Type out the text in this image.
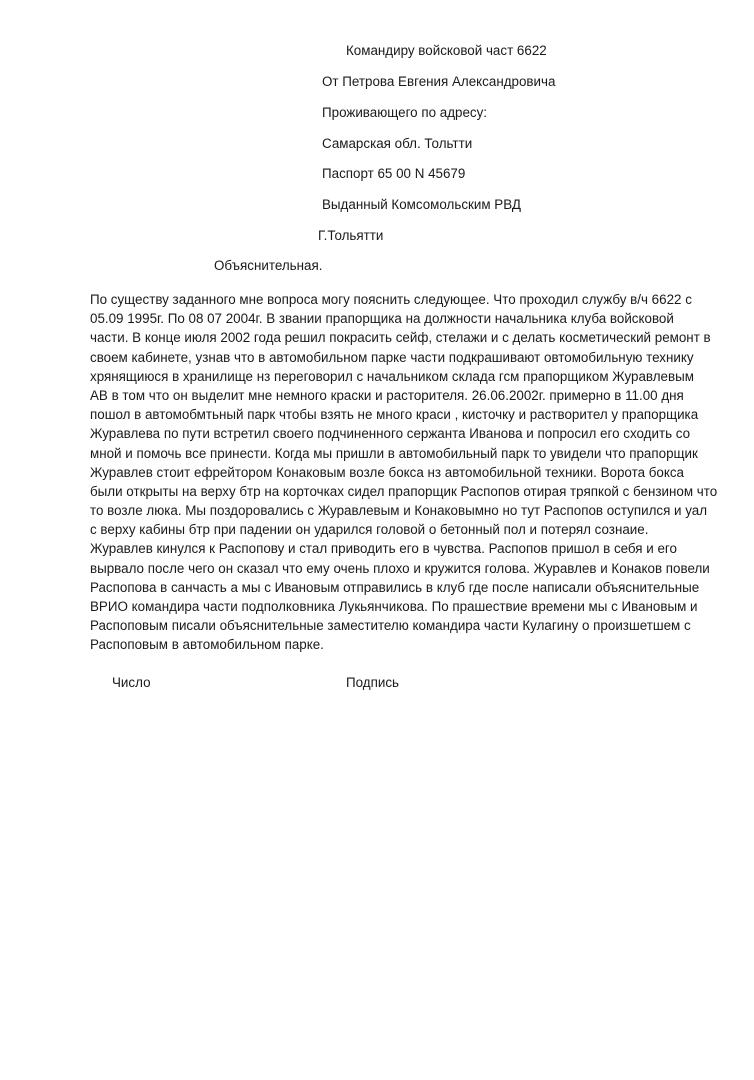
Командиру войсковой част 6622
От Петрова Евгения Александровича
Проживающего по адресу:
Самарская обл. Тольтти
Паспорт 65 00 N 45679
Выданный Комсомольским РВД
Г.Тольятти
Объяснительная.
По существу заданного мне вопроса могу пояснить следующее. Что проходил службу в/ч 6622 с
05.09 1995г. По 08 07 2004г. В звании прапорщика на должности начальника клуба войсковой
части. В конце июля 2002 года решил покрасить сейф, стелажи и с делать косметический ремонт в
своем кабинете, узнав что в автомобильном парке части подкрашивают овтомобильную технику
хрянящиюся в хранилище нз переговорил с начальником склада гсм прапорщиком Журавлевым
АВ в том что он выделит мне немного краски и расторителя. 26.06.2002г. примерно в 11.00 дня
пошол в автомобмтьный парк чтобы взять не много краси , кисточку и растворител у прапорщика
Журавлева по пути встретил своего подчиненного сержанта Иванова и попросил его сходить со
мной и помочь все принести. Когда мы пришли в автомобильный парк то увидели что прапорщик
Журавлев стоит ефрейтором Конаковым возле бокса нз автомобильной техники. Ворота бокса
были открыты на верху бтр на корточках сидел прапорщик Распопов отирая тряпкой с бензином что
то возле люка. Мы поздоровались с Журавлевым и Конаковымно но тут Распопов оступился и уал
с верху кабины бтр при падении он ударился головой о бетонный пол и потерял сознаие.
Журавлев кинулся к Распопову и стал приводить его в чувства. Распопов пришол в себя и его
вырвало после чего он сказал что ему очень плохо и кружится голова. Журавлев и Конаков повели
Распопова в санчасть а мы с Ивановым отправились в клуб где после написали объяснительные
ВРИО командира части подполковника Лукьянчикова. По прашествие времени мы с Ивановым и
Распоповым писали объяснительные заместителю командира части Кулагину о произшетшем с
Распоповым в автомобильном парке.
Число	Подпись
